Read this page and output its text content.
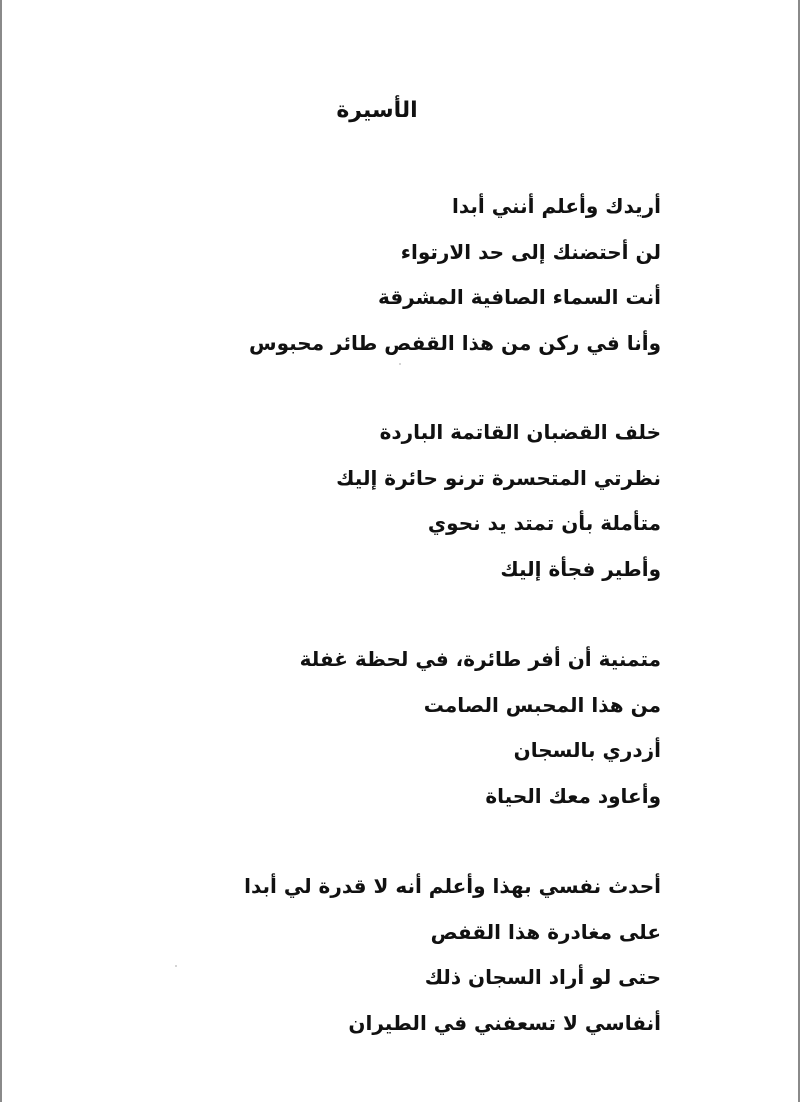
الأسيرة
أريدك وأعلم أنني أبدا
لن أحتضنك إلى حد الارتواء
أنت السماء الصافية المشرقة
وأنا في ركن من هذا القفص طائر محبوس
خلف القضبان القاتمة الباردة
نظرتي المتحسرة ترنو حائرة إليك
متأملة بأن تمتد يد نحوي
وأطير فجأة إليك
متمنية أن أفر طائرة، في لحظة غفلة
من هذا المحبس الصامت
أزدري بالسجان
وأعاود معك الحياة
أحدث نفسي بهذا وأعلم أنه لا قدرة لي أبدا
على مغادرة هذا القفص
حتى لو أراد السجان ذلك
أنفاسي لا تسعفني في الطيران
